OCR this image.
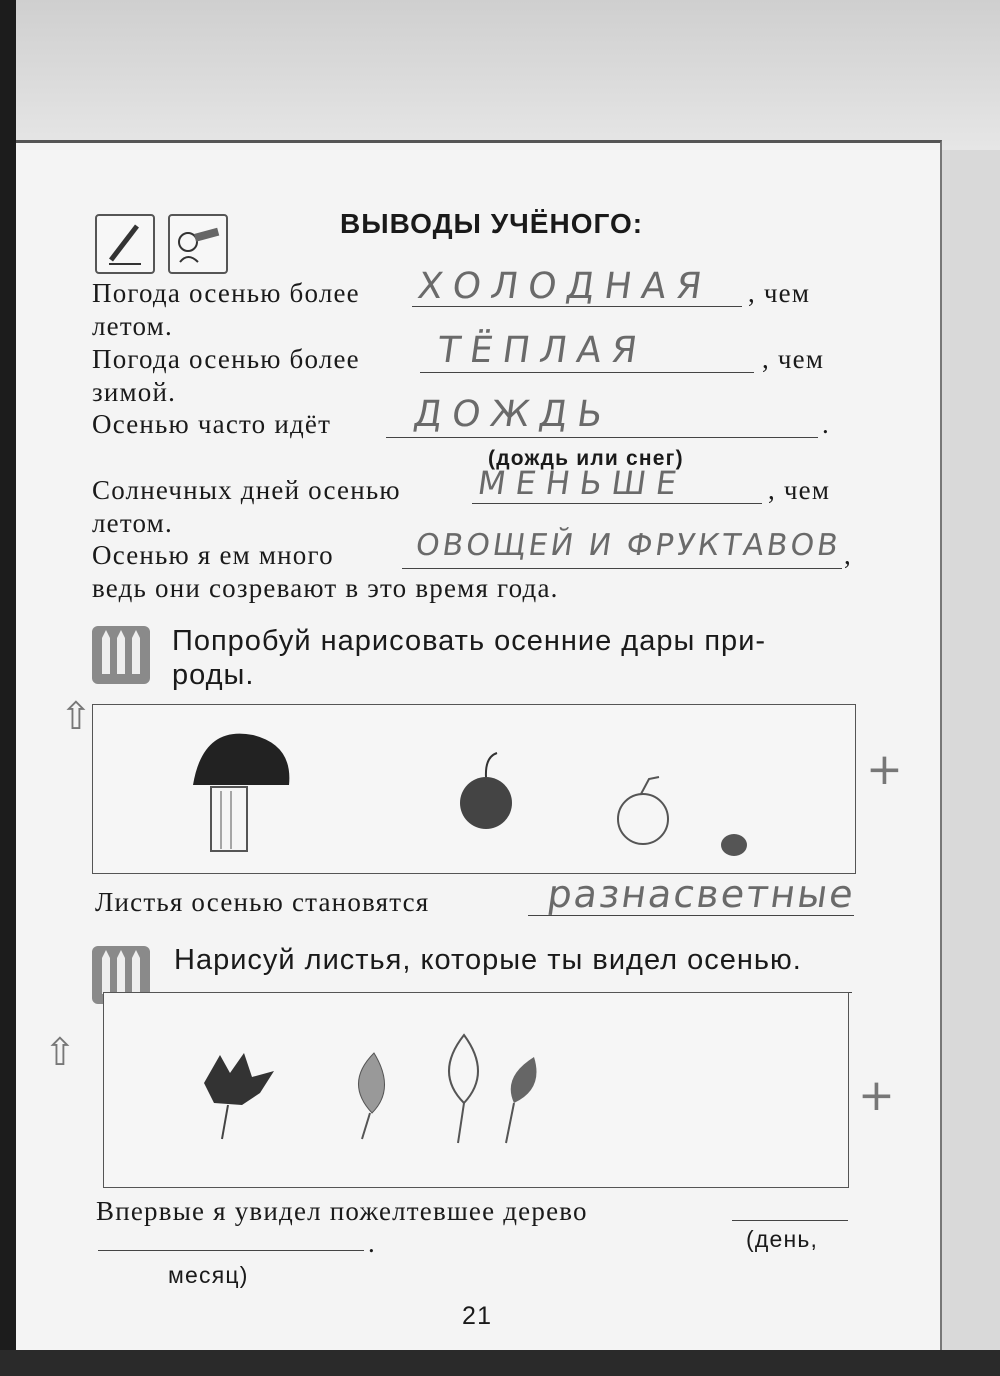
ВЫВОДЫ УЧЁНОГО:
Погода осенью более ХОЛОДНАЯ , чем
летом.
Погода осенью более ТЁПЛАЯ	, чем
зимой.
Осенью часто идёт ДОЖДЬ	.
(дождь или снег)
Солнечных дней осенью МЕНЬШЕ	, чем
летом.
Осенью я ем много	ОВОЩЕЙ И ФРУКТАВОВ ,
ведь они созревают в это время года.
Попробуй нарисовать осенние дары при-
роды.
⇧
+
Листья осенью становятся	разнасветные
Нарисуй листья, которые ты видел осенью.
⇧
+
Впервые я увидел пожелтевшее дерево
.	(день,
месяц)
21
